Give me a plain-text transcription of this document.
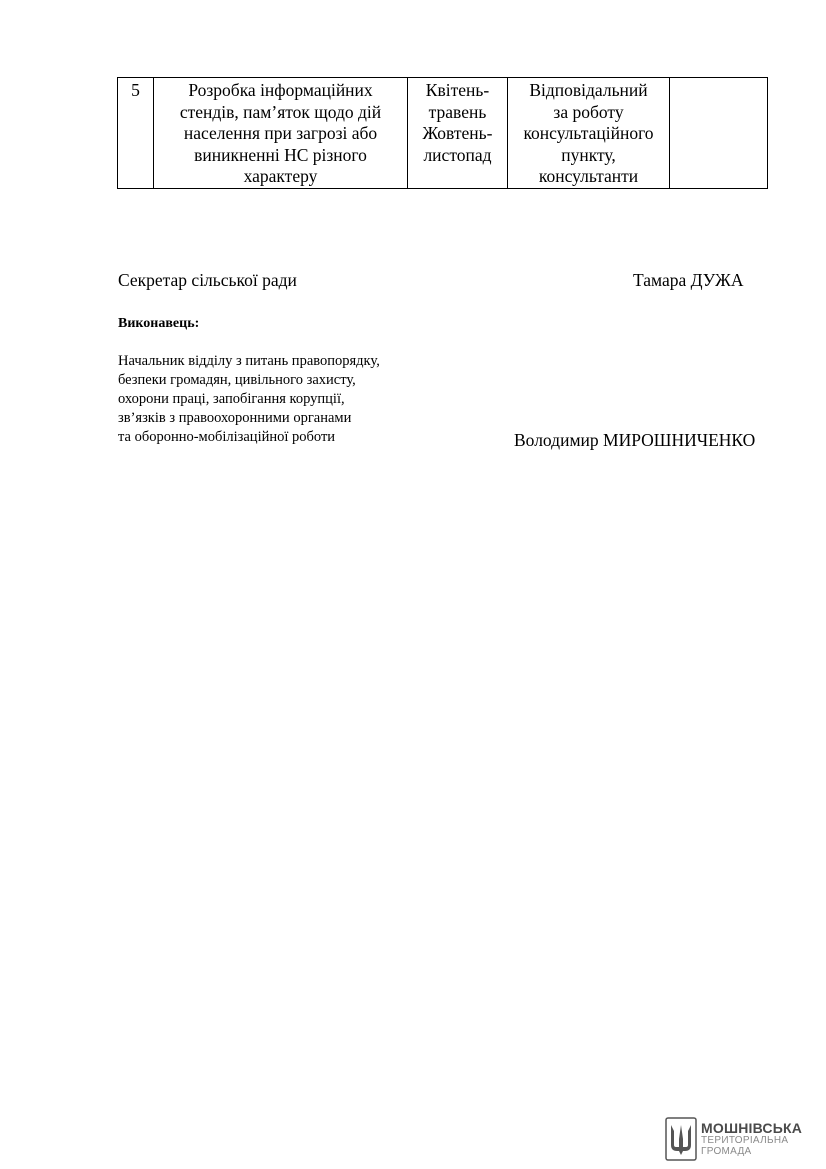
5	Розробка інформаційних
стендів, пам’яток щодо дій
населення при загрозі або
виникненні НС різного
характеру	Квітень-
травень
Жовтень-
листопад	Відповідальний
за роботу
консультаційного
пункту,
консультанти	
Секретар сільської ради	Тамара ДУЖА
Виконавець:
Начальник відділу з питань правопорядку,
безпеки громадян, цивільного захисту,
охорони праці, запобігання корупції,
зв’язків з правоохоронними органами
та оборонно-мобілізаційної роботи	Володимир МИРОШНИЧЕНКО
МОШНІВСЬКА
ТЕРИТОРІАЛЬНА
ГРОМАДА
